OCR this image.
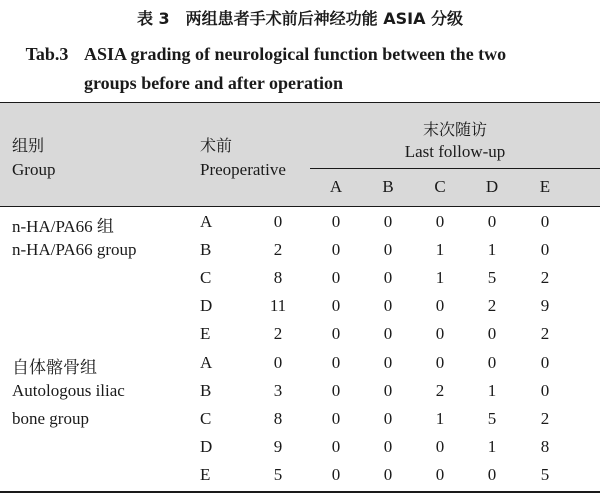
表 3　两组患者手术前后神经功能 ASIA 分级
Tab.3 ASIA grading of neurological function between the two
groups before and after operation
组别
Group
术前
Preoperative
末次随访
Last follow-up
A	B	C	D	E
n-HA/PA66 组
n-HA/PA66 group
A	0	0	0	0	0	0
B	2	0	0	1	1	0
C	8	0	0	1	5	2
D	11	0	0	0	2	9
E	2	0	0	0	0	2
自体髂骨组
Autologous iliac
bone group
A	0	0	0	0	0	0
B	3	0	0	2	1	0
C	8	0	0	1	5	2
D	9	0	0	0	1	8
E	5	0	0	0	0	5
